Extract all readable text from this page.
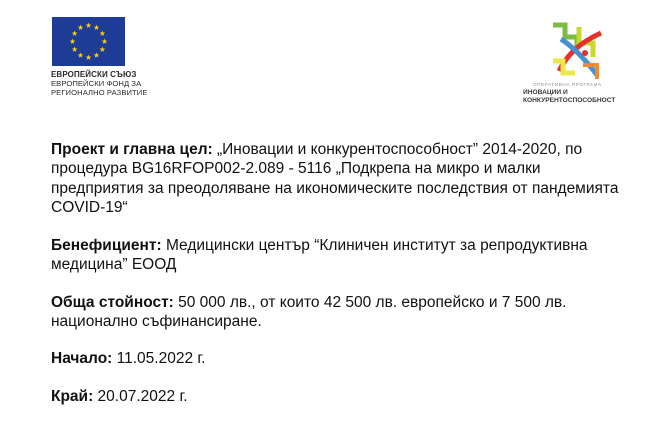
ЕВРОПЕЙСКИ СЪЮЗ
ЕВРОПЕЙСКИ ФОНД ЗА
РЕГИОНАЛНО РАЗВИТИЕ
ОПЕРАТИВНА ПРОГРАМА
ИНОВАЦИИ И
КОНКУРЕНТОСПОСОБНОСТ

Проект и главна цел: „Иновации и конкурентоспособност” 2014-2020, по процедура BG16RFOP002-2.089 - 5116 „Подкрепа на микро и малки предприятия за преодоляване на икономическите последствия от пандемията COVID-19“

Бенефициент: Медицински център “Клиничен институт за репродуктивна медицина” ЕООД

Обща стойност: 50 000 лв., от които 42 500 лв. европейско и 7 500 лв. национално съфинансиране.

Начало: 11.05.2022 г.

Край: 20.07.2022 г.
